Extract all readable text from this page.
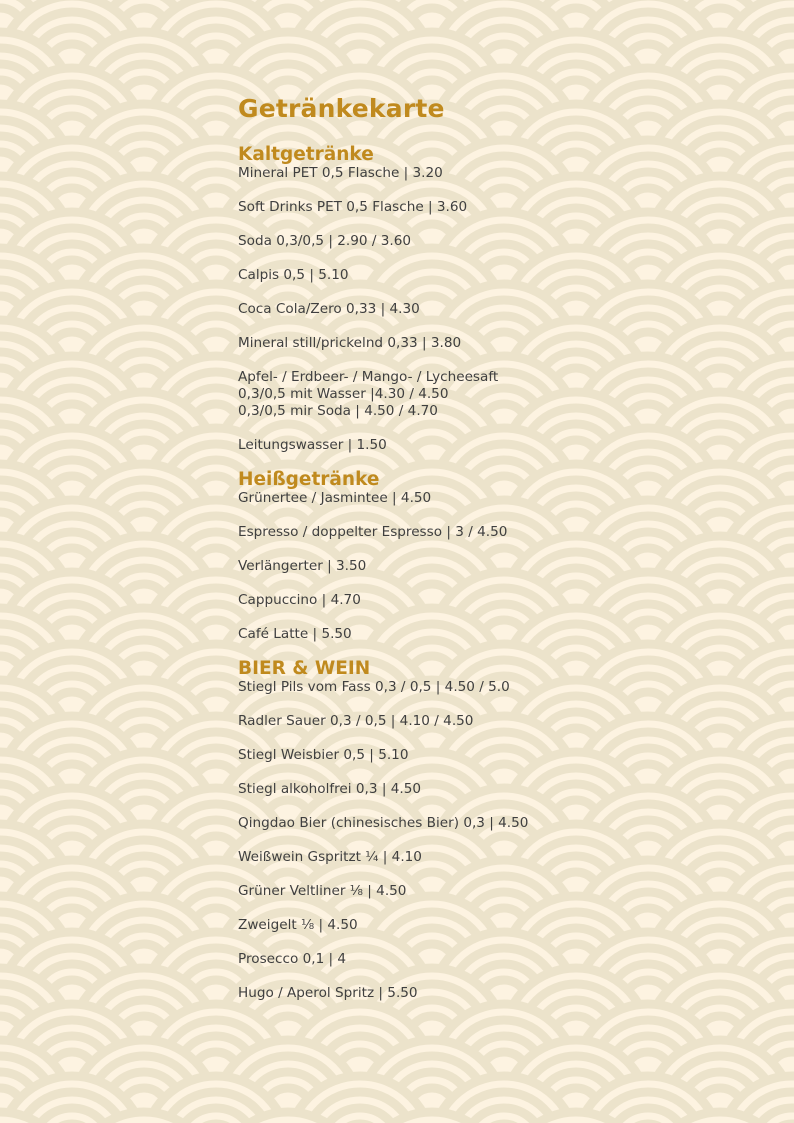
Getränkekarte
Kaltgetränke

Mineral PET 0,5 Flasche | 3.20

Soft Drinks PET 0,5 Flasche | 3.60

Soda 0,3/0,5 | 2.90 / 3.60

Calpis 0,5 | 5.10

Coca Cola/Zero 0,33 | 4.30

Mineral still/prickelnd 0,33 | 3.80

Apfel- / Erdbeer- / Mango- / Lycheesaft
0,3/0,5 mit Wasser |4.30 / 4.50
0,3/0,5 mir Soda | 4.50 / 4.70

Leitungswasser | 1.50

Heißgetränke

Grünertee / Jasmintee | 4.50

Espresso / doppelter Espresso | 3 / 4.50

Verlängerter | 3.50

Cappuccino | 4.70

Café Latte | 5.50

BIER & WEIN

Stiegl Pils vom Fass 0,3 / 0,5 | 4.50 / 5.0

Radler Sauer 0,3 / 0,5 | 4.10 / 4.50

Stiegl Weisbier 0,5 | 5.10

Stiegl alkoholfrei 0,3 | 4.50

Qingdao Bier (chinesisches Bier) 0,3 | 4.50

Weißwein Gspritzt ¼ | 4.10

Grüner Veltliner ⅛ | 4.50

Zweigelt ⅛ | 4.50

Prosecco 0,1 | 4

Hugo / Aperol Spritz | 5.50
